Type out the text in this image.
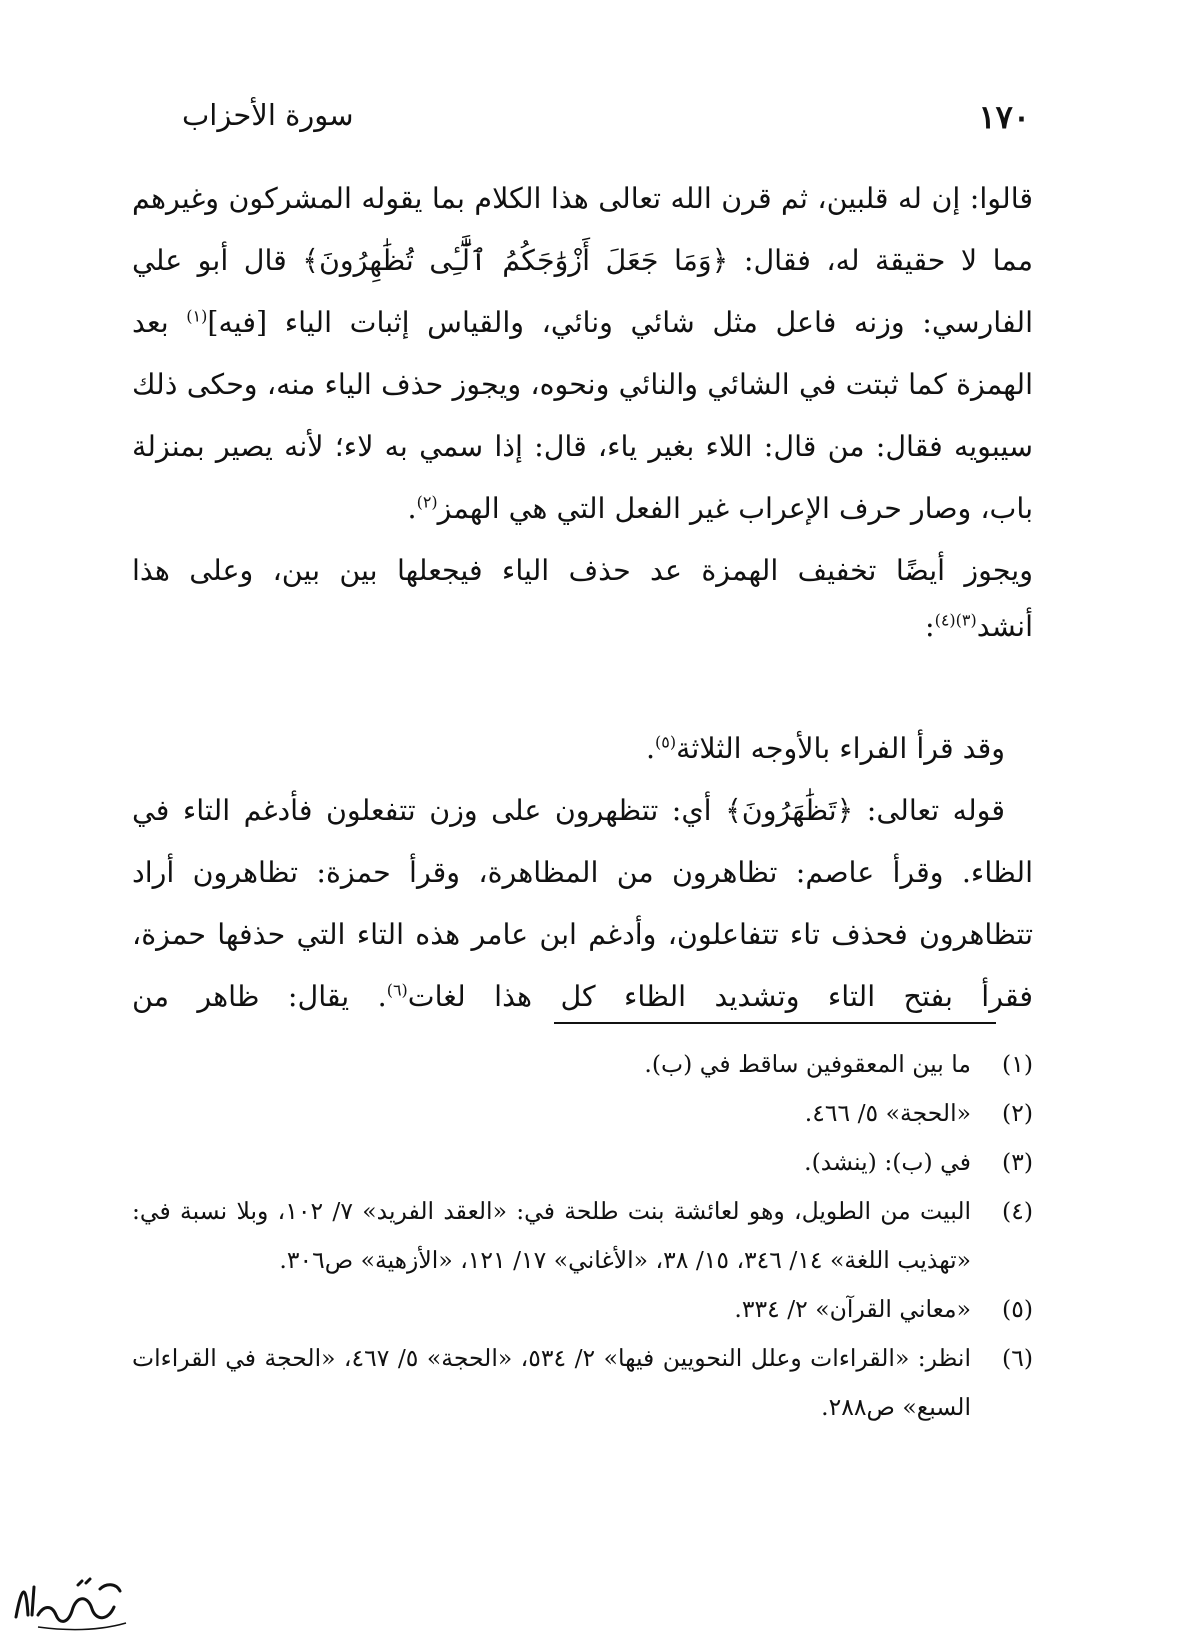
١٧٠
سورة الأحزاب

قالوا: إن له قلبين، ثم قرن الله تعالى هذا الكلام بما يقوله المشركون وغيرهم مما لا حقيقة له، فقال: ﴿وَمَا جَعَلَ أَزْوَٰجَكُمُ ٱلَّٰٓـِٔى تُظَٰهِرُونَ﴾ قال أبو علي الفارسي: وزنه فاعل مثل شائي ونائي، والقياس إثبات الياء [فيه]$^{(١)}$ بعد الهمزة كما ثبتت في الشائي والنائي ونحوه، ويجوز حذف الياء منه، وحكى ذلك سيبويه فقال: من قال: اللاء بغير ياء، قال: إذا سمي به لاء؛ لأنه يصير بمنزلة باب، وصار حرف الإعراب غير الفعل التي هي الهمز$^{(٢)}$.

ويجوز أيضًا تخفيف الهمزة عد حذف الياء فيجعلها بين بين، وعلى هذا

أنشد$^{(٣)(٤)}$:

وقد قرأ الفراء بالأوجه الثلاثة$^{(٥)}$.

قوله تعالى: ﴿تَظَٰهَرُونَ﴾ أي: تتظهرون على وزن تتفعلون فأدغم التاء في الظاء. وقرأ عاصم: تظاهرون من المظاهرة، وقرأ حمزة: تظاهرون أراد تتظاهرون فحذف تاء تتفاعلون، وأدغم ابن عامر هذه التاء التي حذفها حمزة، فقرأ بفتح التاء وتشديد الظاء كل هذا لغات$^{(٦)}$. يقال: ظاهر من

(١)
ما بين المعقوفين ساقط في (ب).
(٢)
«الحجة» ٥/ ٤٦٦.
(٣)
في (ب): (ينشد).
(٤)
البيت من الطويل، وهو لعائشة بنت طلحة في: «العقد الفريد» ٧/ ١٠٢، وبلا نسبة في: «تهذيب اللغة» ١٤/ ٣٤٦، ١٥/ ٣٨، «الأغاني» ١٧/ ١٢١، «الأزهية» ص٣٠٦.
(٥)
«معاني القرآن» ٢/ ٣٣٤.
(٦)
انظر: «القراءات وعلل النحويين فيها» ٢/ ٥٣٤، «الحجة» ٥/ ٤٦٧، «الحجة في القراءات السبع» ص٢٨٨.
